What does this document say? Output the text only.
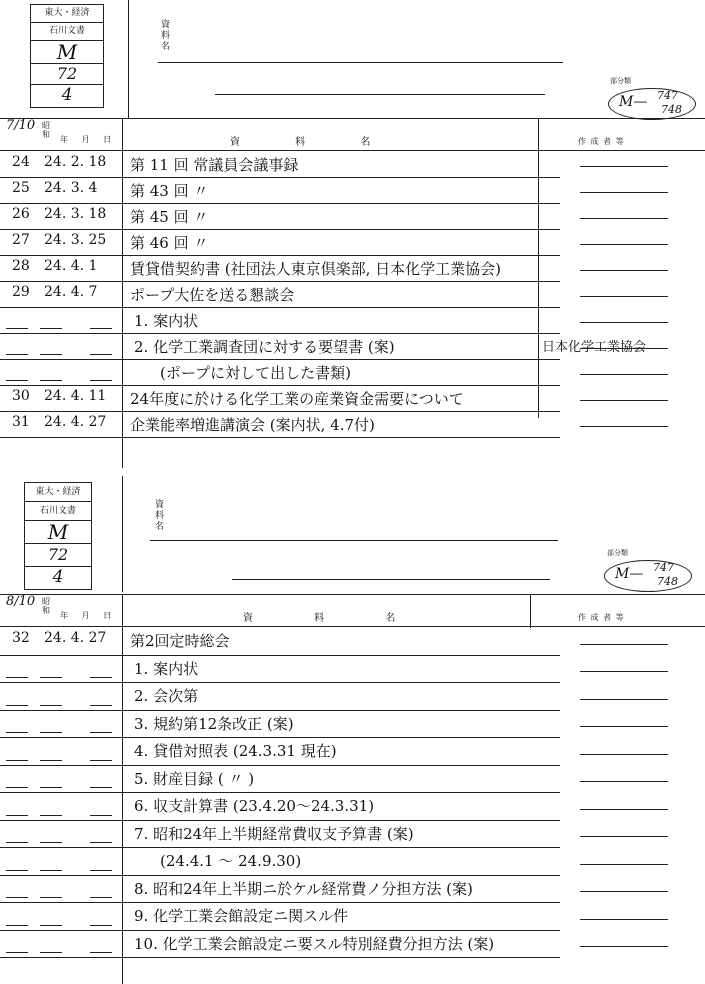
東大・経済
石川文書
M
72
4
資料名
部分類
M— 747
748
7/10 昭和
年 月 日	資 料 名	作 成 者 等
24 24. 2. 18 第 11 回 常議員会議事録
25 24. 3. 4 第 43 回 〃
26 24. 3. 18 第 45 回 〃
27 24. 3. 25 第 46 回 〃
28 24. 4. 1 賃貸借契約書 (社団法人東京倶楽部, 日本化学工業協会)
29 24. 4. 7 ポープ大佐を送る懇談会
1. 案内状
2. 化学工業調査団に対する要望書 (案)	日本化学工業協会
(ポープに対して出した書類)
30 24. 4. 11 24年度に於ける化学工業の産業資金需要について
31 24. 4. 27 企業能率増進講演会 (案内状, 4.7付)
東大・経済
石川文書
M
72
4
資料名
部分類
M— 747
748
8/10 昭和
年 月 日	資 料 名	作 成 者 等
32 24. 4. 27 第2回定時総会
1. 案内状
2. 会次第
3. 規約第12条改正 (案)
4. 貸借対照表 (24.3.31 現在)
5. 財産目録 ( 〃 )
6. 収支計算書 (23.4.20～24.3.31)
7. 昭和24年上半期経常費収支予算書 (案)
(24.4.1 ～ 24.9.30)
8. 昭和24年上半期ニ於ケル経常費ノ分担方法 (案)
9. 化学工業会館設定ニ関スル件
10. 化学工業会館設定ニ要スル特別経費分担方法 (案)
